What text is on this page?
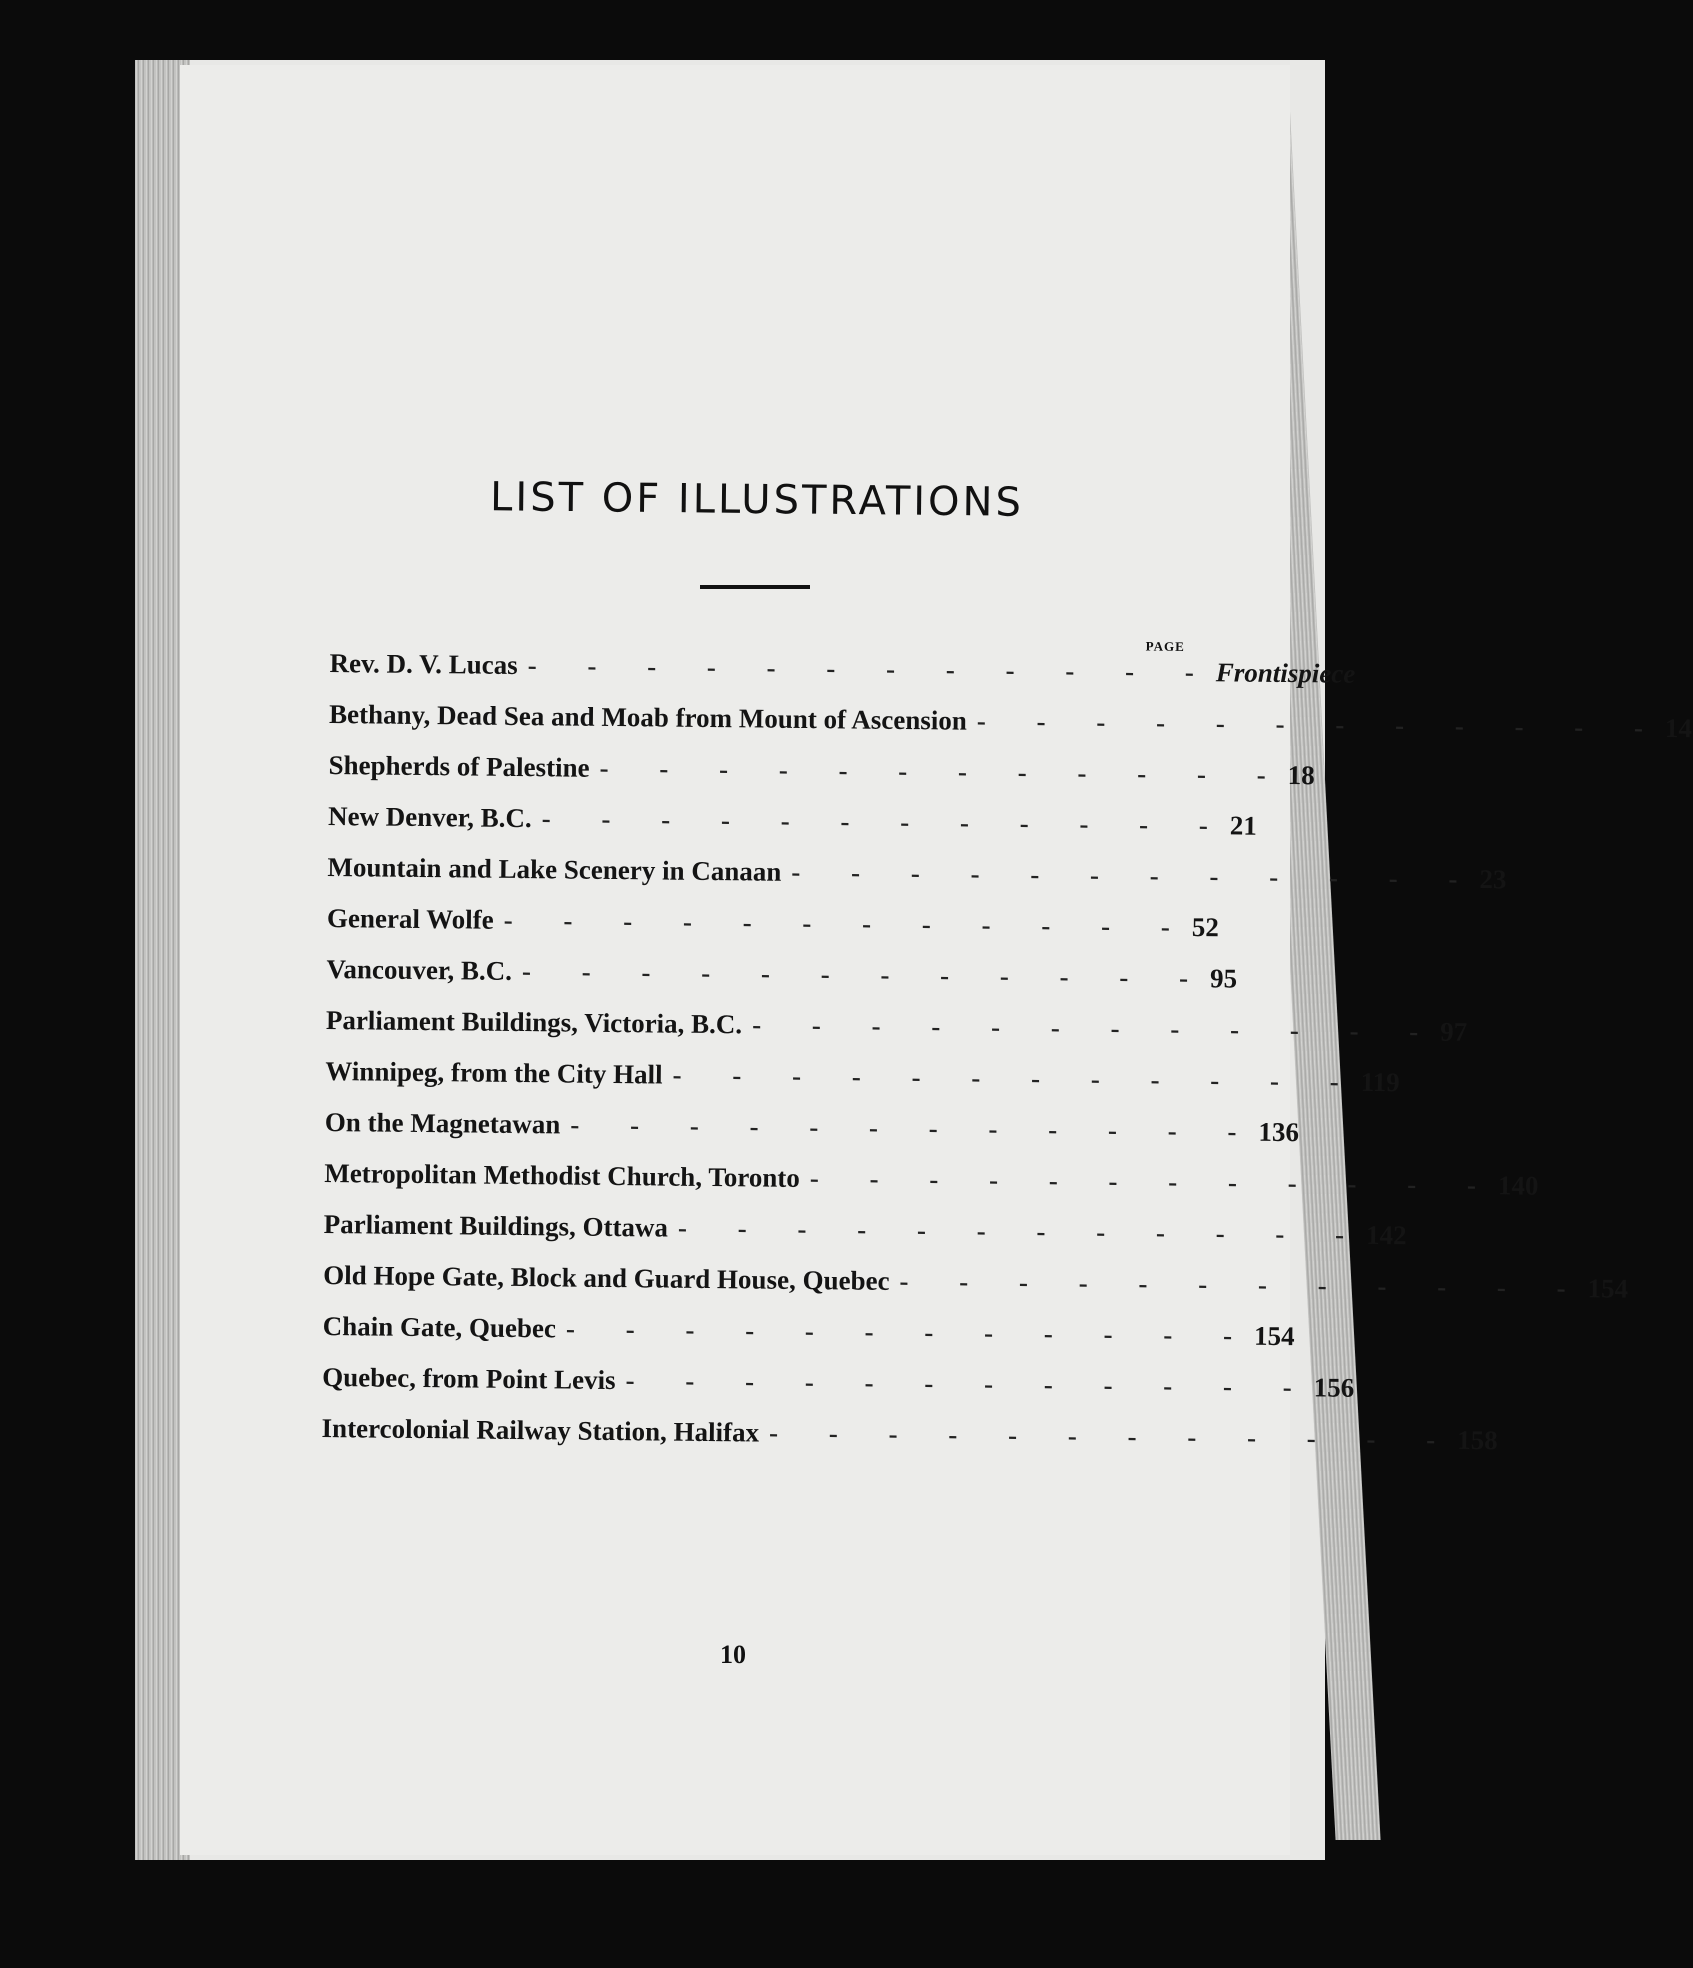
LIST OF ILLUSTRATIONS
PAGE
Rev. D. V. Lucas - - - - - - - - - - - - Frontispiece
Bethany, Dead Sea and Moab from Mount of Ascension - - - - - - - - - - - - 14
Shepherds of Palestine - - - - - - - - - - - - 18
New Denver, B.C. - - - - - - - - - - - - 21
Mountain and Lake Scenery in Canaan - - - - - - - - - - - - 23
General Wolfe - - - - - - - - - - - - 52
Vancouver, B.C. - - - - - - - - - - - - 95
Parliament Buildings, Victoria, B.C. - - - - - - - - - - - - 97
Winnipeg, from the City Hall - - - - - - - - - - - - 119
On the Magnetawan - - - - - - - - - - - - 136
Metropolitan Methodist Church, Toronto - - - - - - - - - - - - 140
Parliament Buildings, Ottawa - - - - - - - - - - - - 142
Old Hope Gate, Block and Guard House, Quebec - - - - - - - - - - - - 154
Chain Gate, Quebec - - - - - - - - - - - - 154
Quebec, from Point Levis - - - - - - - - - - - - 156
Intercolonial Railway Station, Halifax - - - - - - - - - - - - 158
10
